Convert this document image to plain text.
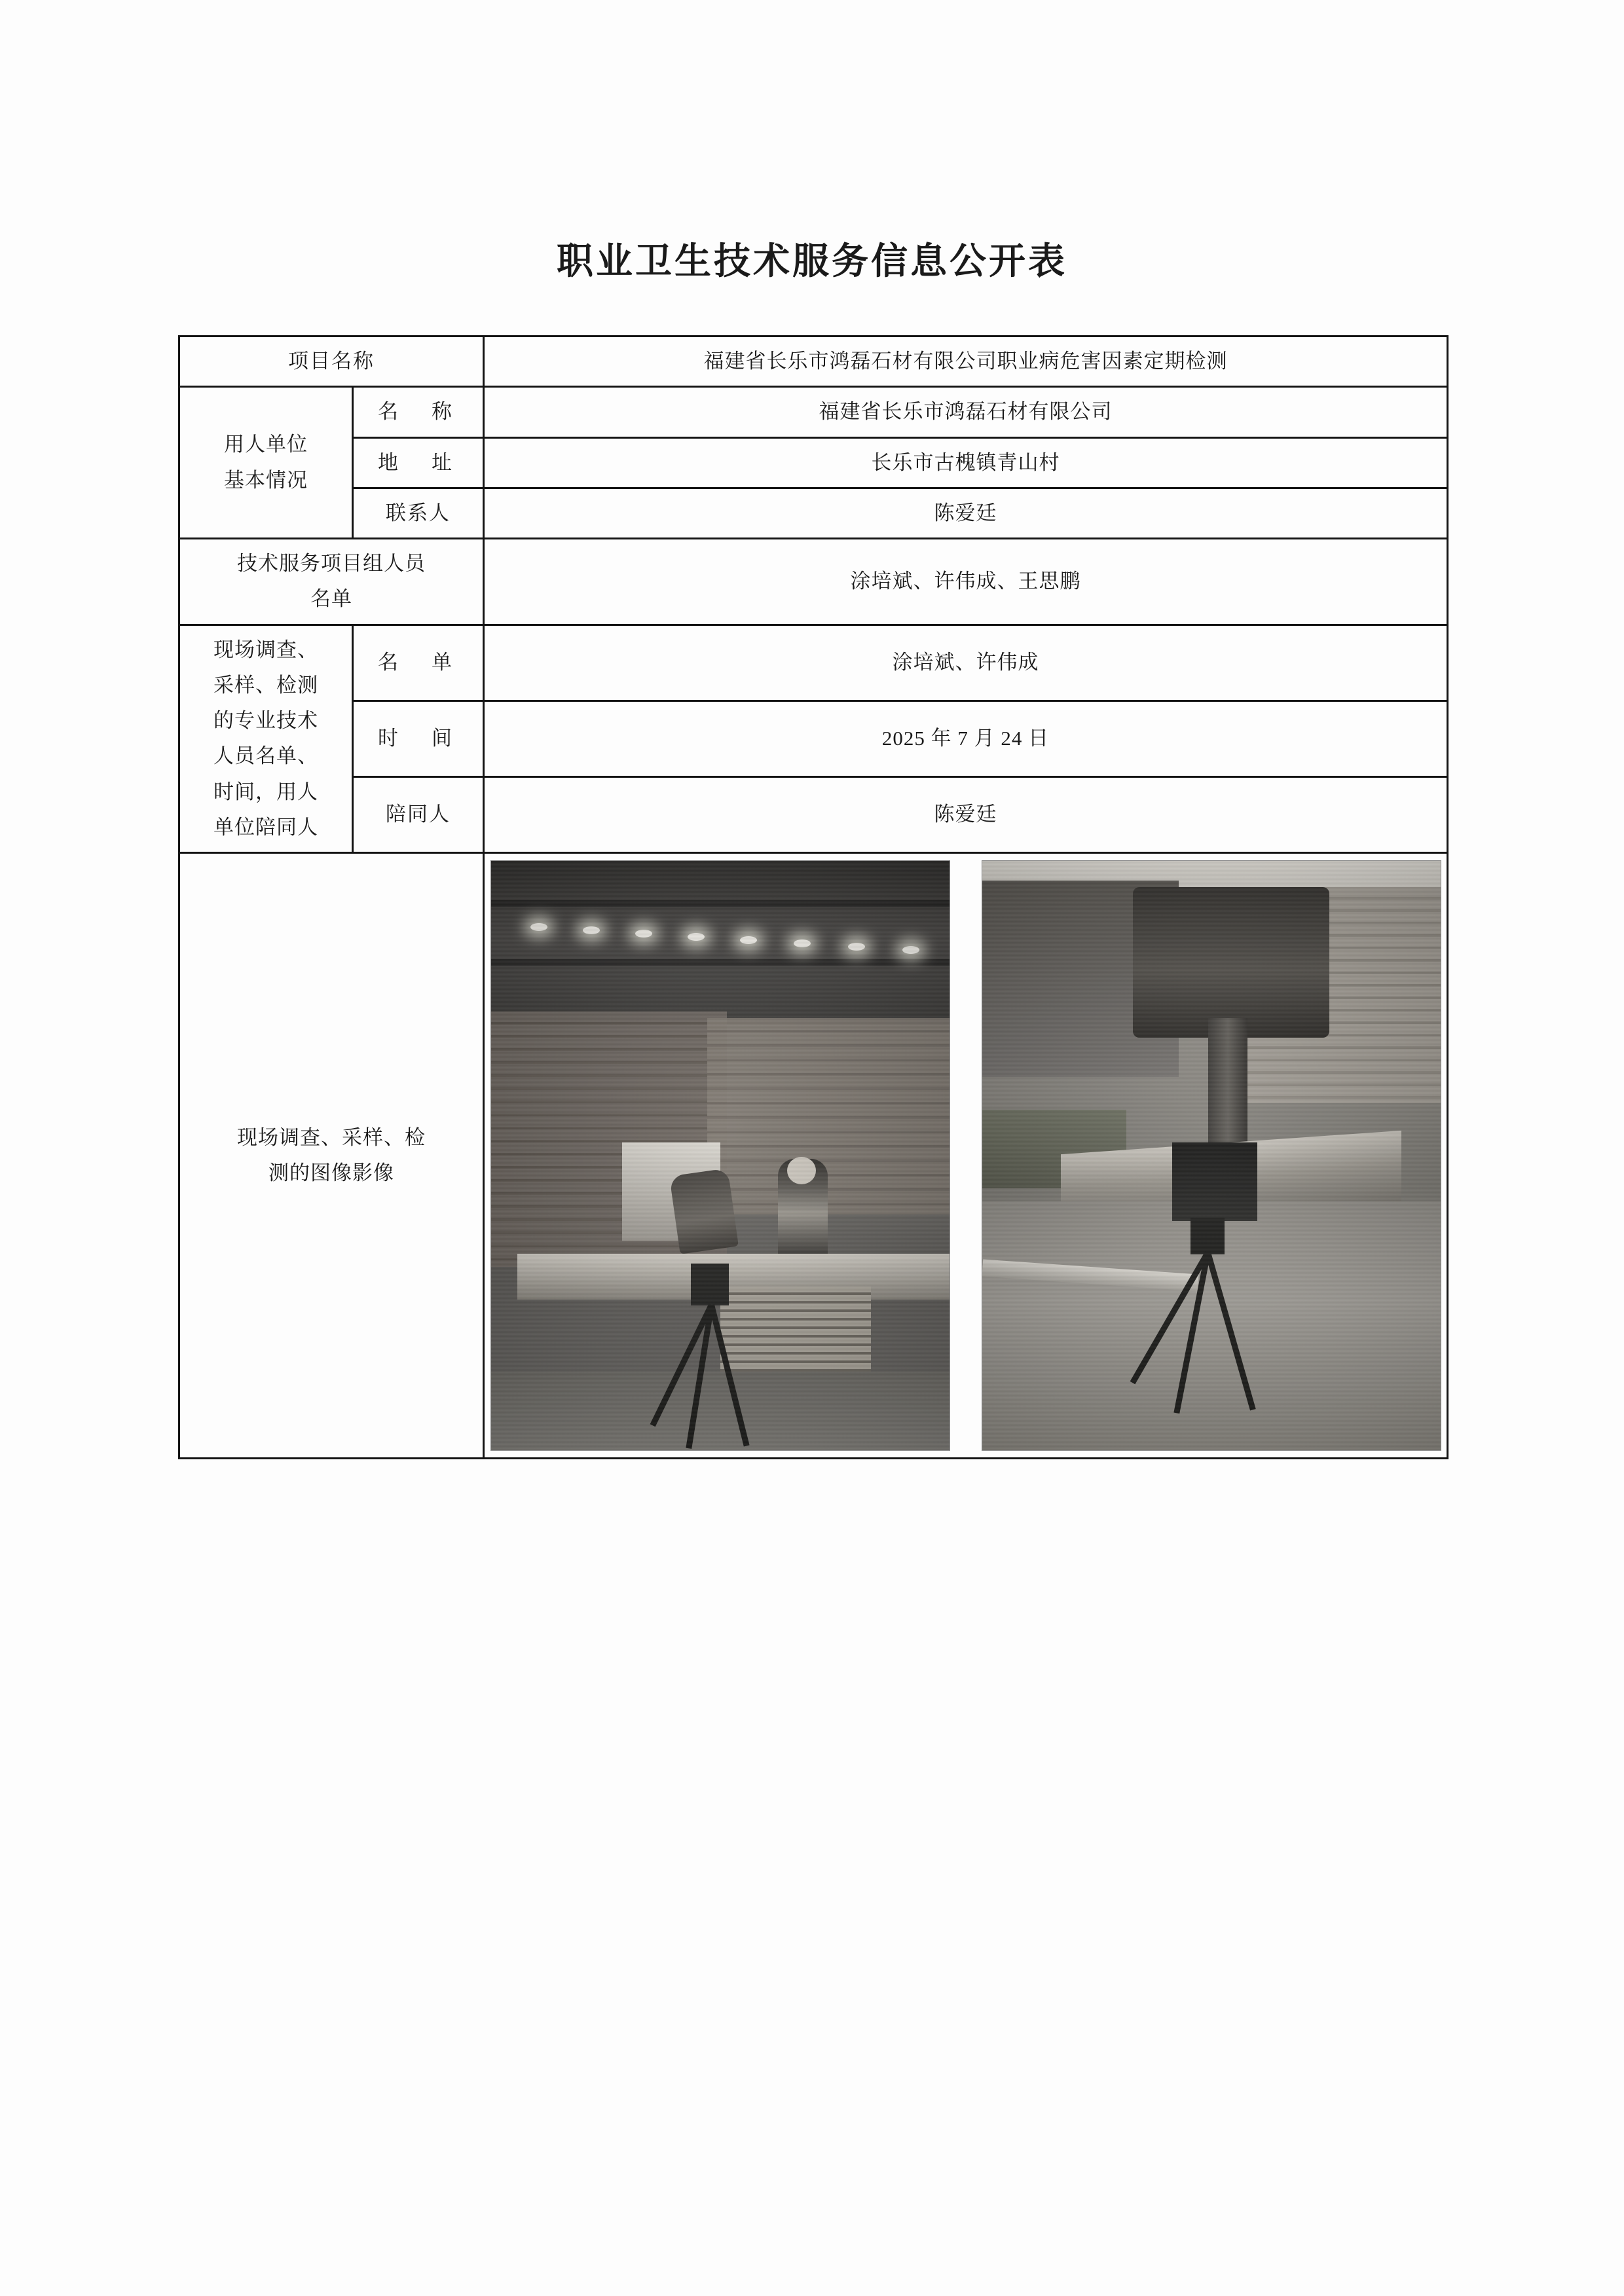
职业卫生技术服务信息公开表
项目名称		福建省长乐市鸿磊石材有限公司职业病危害因素定期检测

用人单位
基本情况	名　称	福建省长乐市鸿磊石材有限公司
	地　址	长乐市古槐镇青山村
	联系人	陈爱廷

技术服务项目组人员
名单		涂培斌、许伟成、王思鹏

现场调查、
采样、检测
的专业技术
人员名单、
时间，用人
单位陪同人
	名　单	涂培斌、许伟成
	时　间	2025 年 7 月 24 日
	陪同人	陈爱廷

现场调查、采样、检
测的图像影像		
